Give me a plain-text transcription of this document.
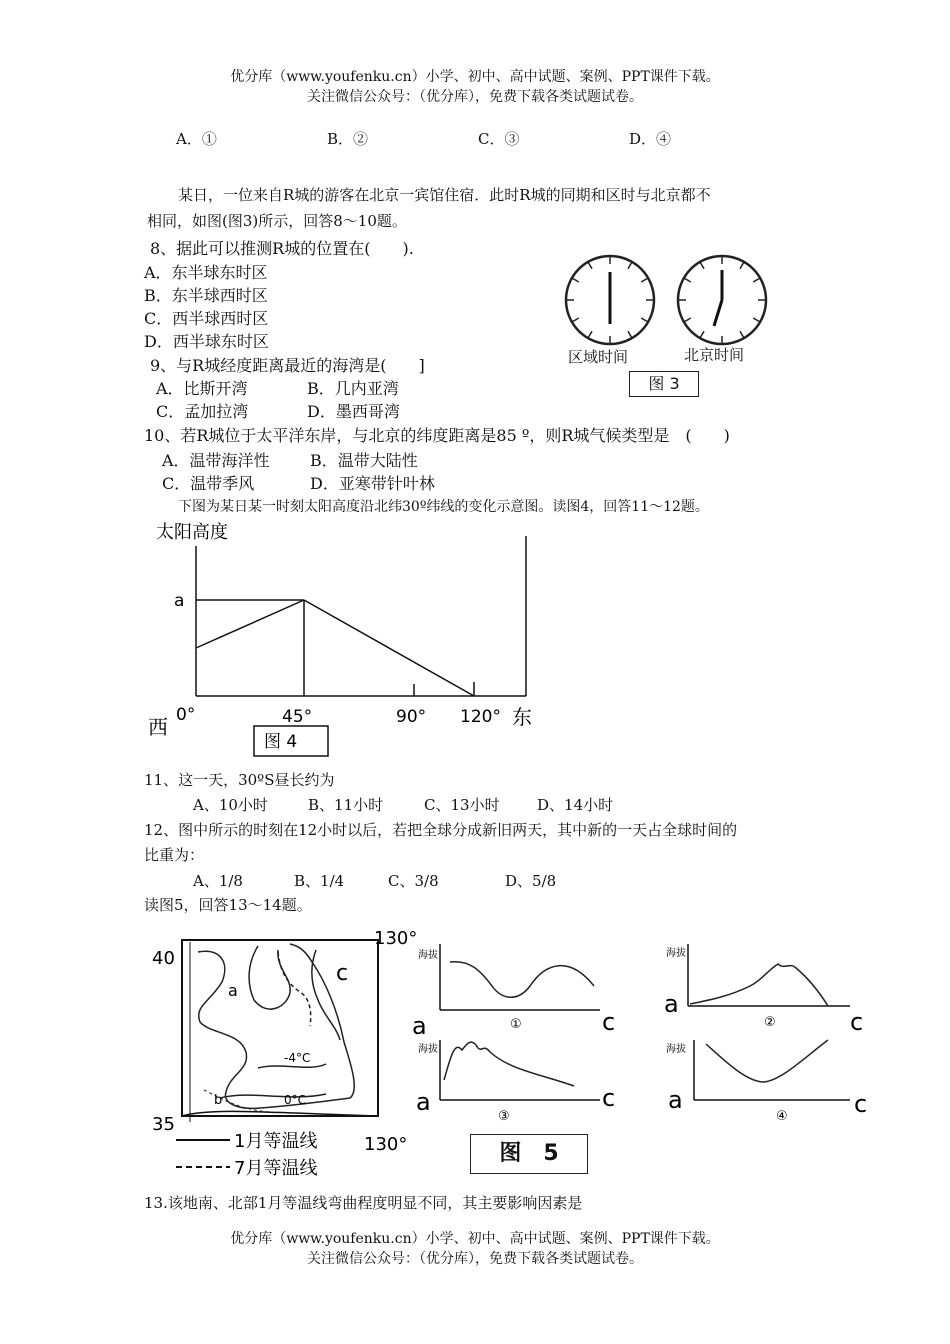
优分库（www.youfenku.cn）小学、初中、高中试题、案例、PPT课件下载。
关注微信公众号：（优分库），免费下载各类试题试卷。
A．①	B．②	C．③	D．④
某日，一位来自R城的游客在北京一宾馆住宿．此时R城的同期和区时与北京都不
相同，如图(图3)所示，回答8～10题。
8、据此可以推测R城的位置在(　　).
A．东半球东时区
B．东半球西时区
C．西半球西时区
D．西半球东时区
9、与R城经度距离最近的海湾是(　　]
A．比斯开湾	B．几内亚湾
C．孟加拉湾	D．墨西哥湾
10、若R城位于太平洋东岸，与北京的纬度距离是85 º，则R城气候类型是　(　　)
A．温带海洋性	B．温带大陆性
C．温带季风	D．亚寒带针叶林
区域时间	北京时间
图 3
下图为某日某一时刻太阳高度沿北纬30º纬线的变化示意图。读图4，回答11～12题。
太阳高度
a
西	东
0°	45°	90° 120°
图 4
11、这一天，30ºS昼长约为
A、10小时	B、11小时	C、13小时 D、14小时
12、图中所示的时刻在12小时以后，若把全球分成新旧两天，其中新的一天占全球时间的
比重为：
A、1/8	B、1/4	C、3/8	D、5/8
读图5，回答13～14题。
40
35
130°
a
b
c
-4°C
0°C
1月等温线
7月等温线
130°
海拔
a	c
①
海拔
a
c
②
海拔
a	c
③
海拔
a	c
④
图　5
13.该地南、北部1月等温线弯曲程度明显不同，其主要影响因素是
优分库（www.youfenku.cn）小学、初中、高中试题、案例、PPT课件下载。
关注微信公众号：（优分库），免费下载各类试题试卷。
